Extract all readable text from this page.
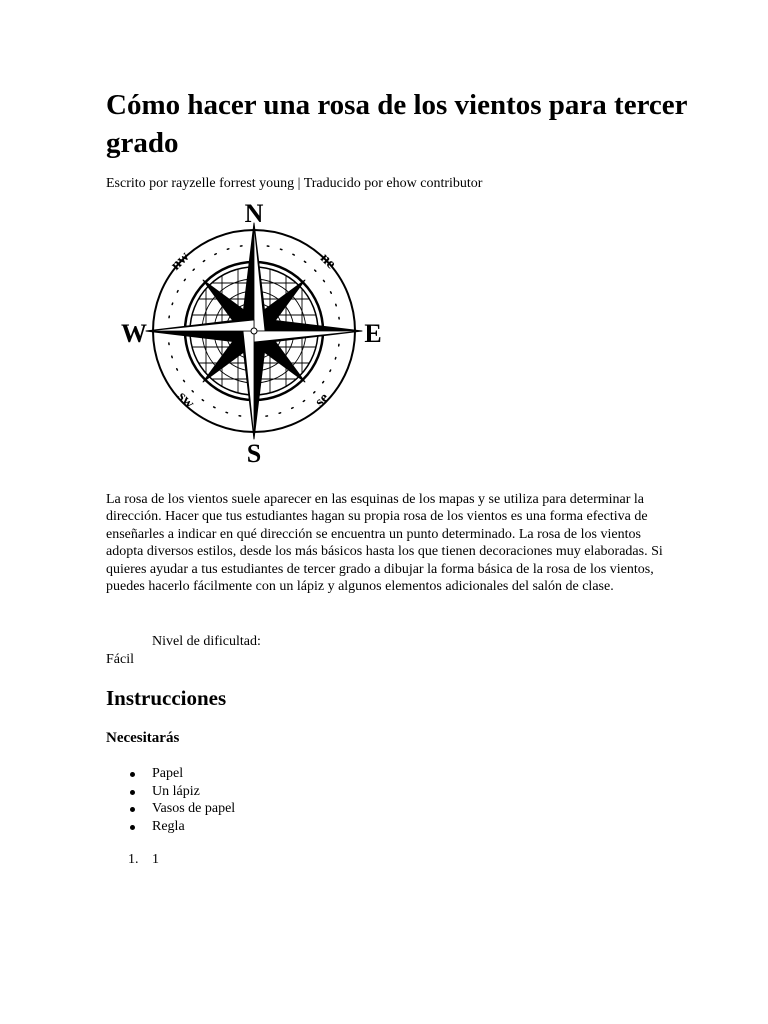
Cómo hacer una rosa de los vientos para tercer grado
Escrito por rayzelle forrest young | Traducido por ehow contributor
N
S
E
W
nw	ne
sw	se

La rosa de los vientos suele aparecer en las esquinas de los mapas y se utiliza para determinar la dirección. Hacer que tus estudiantes hagan su propia rosa de los vientos es una forma efectiva de enseñarles a indicar en qué dirección se encuentra un punto determinado. La rosa de los vientos adopta diversos estilos, desde los más básicos hasta los que tienen decoraciones muy elaboradas. Si quieres ayudar a tus estudiantes de tercer grado a dibujar la forma básica de la rosa de los vientos, puedes hacerlo fácilmente con un lápiz y algunos elementos adicionales del salón de clase.

Nivel de dificultad:
Fácil
Instrucciones
Necesitarás
Papel
Un lápiz
Vasos de papel
Regla
1. 1
